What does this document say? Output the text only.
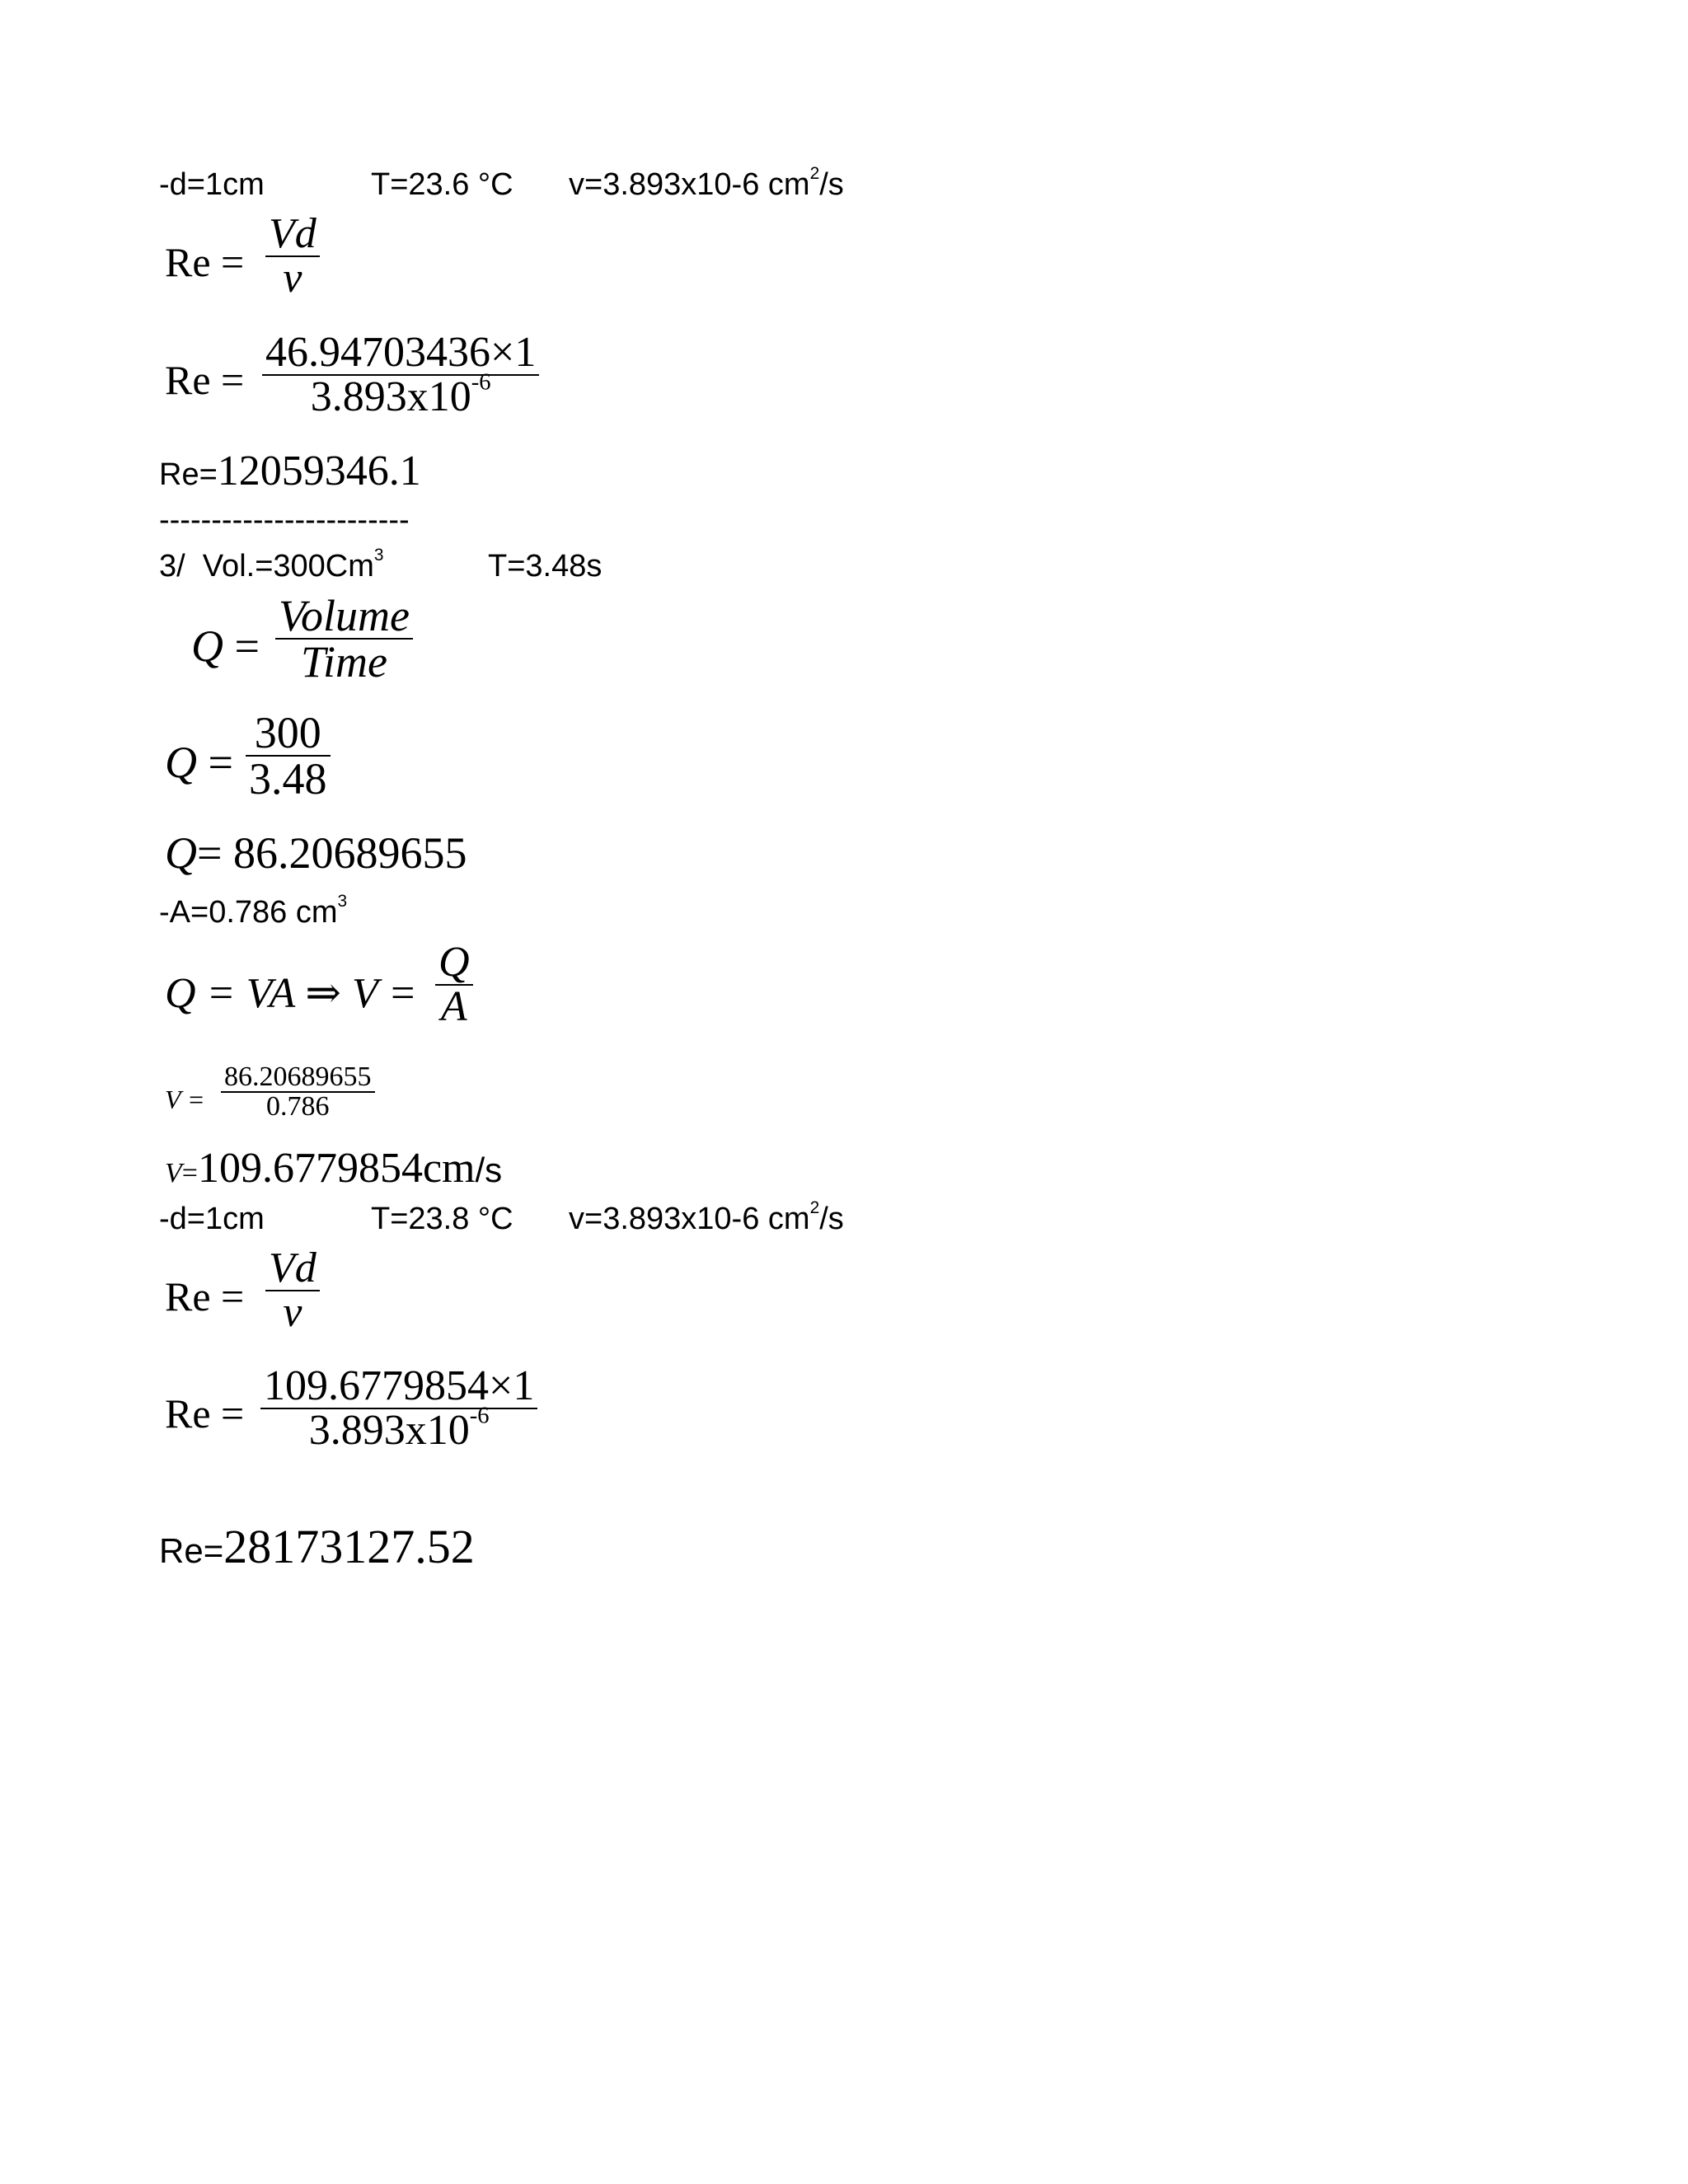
-d=1cm	T=23.6 °C v=3.893x10-6 $cm^2/s$
Re =
Vd
ν
Re =
46.94703436×1
$3.893x10^{-6}$
Re=12059346.1
------------------------
3/  $Vol.=300Cm^3$	T=3.48s
Q =
Volume
Time
Q =
300
3.48
Q= 86.20689655
-A=0.786 $cm^3$
Q = VA ⇒ V =
Q
A
V =
86.20689655
0.786
V=109.6779854cm/s
-d=1cm	T=23.8 °C v=3.893x10-6 $cm^2/s$
Re =
Vd
ν
Re =
109.6779854×1
$3.893x10^{-6}$
Re=28173127.52
